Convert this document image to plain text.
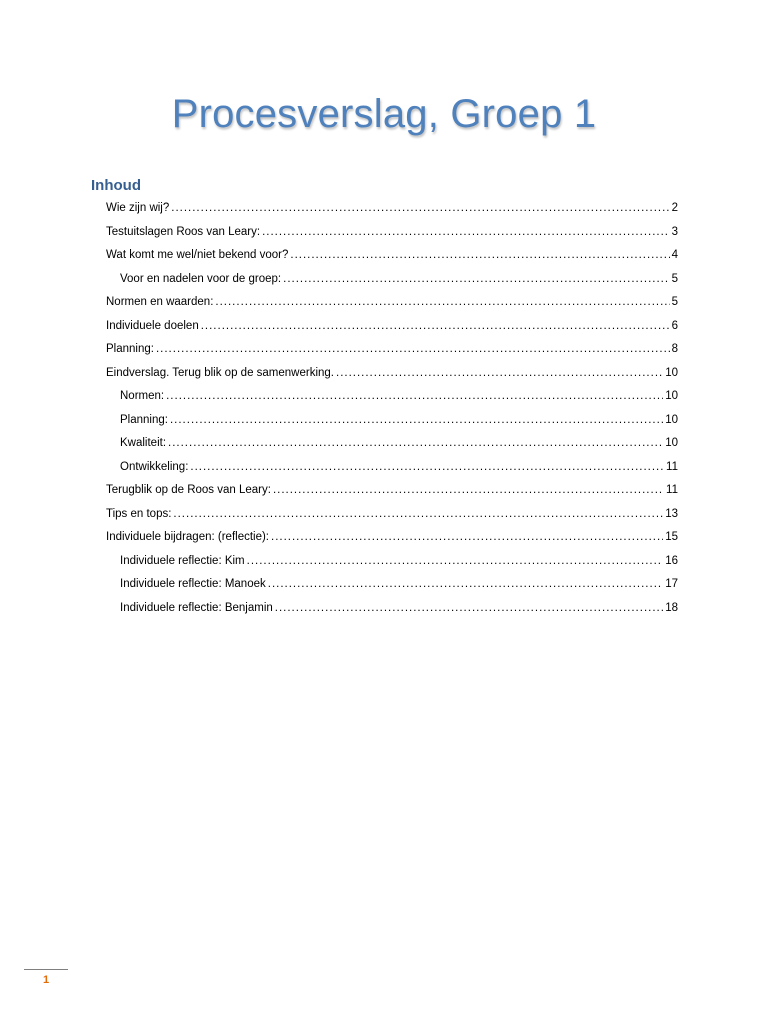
Procesverslag, Groep 1
Inhoud
Wie zijn wij? .....	2
Testuitslagen Roos van Leary: .....	3
Wat komt me wel/niet bekend voor? .....	4
Voor en nadelen voor de groep: .....	5
Normen en waarden: .....	5
Individuele doelen .....	6
Planning: .....	8
Eindverslag. Terug blik op de samenwerking. .....	10
Normen: .....	10
Planning: .....	10
Kwaliteit: .....	10
Ontwikkeling: .....	11
Terugblik op de Roos van Leary: .....	11
Tips en tops: .....	13
Individuele bijdragen: (reflectie): .....	15
Individuele reflectie: Kim .....	16
Individuele reflectie: Manoek .....	17
Individuele reflectie: Benjamin .....	18
1
